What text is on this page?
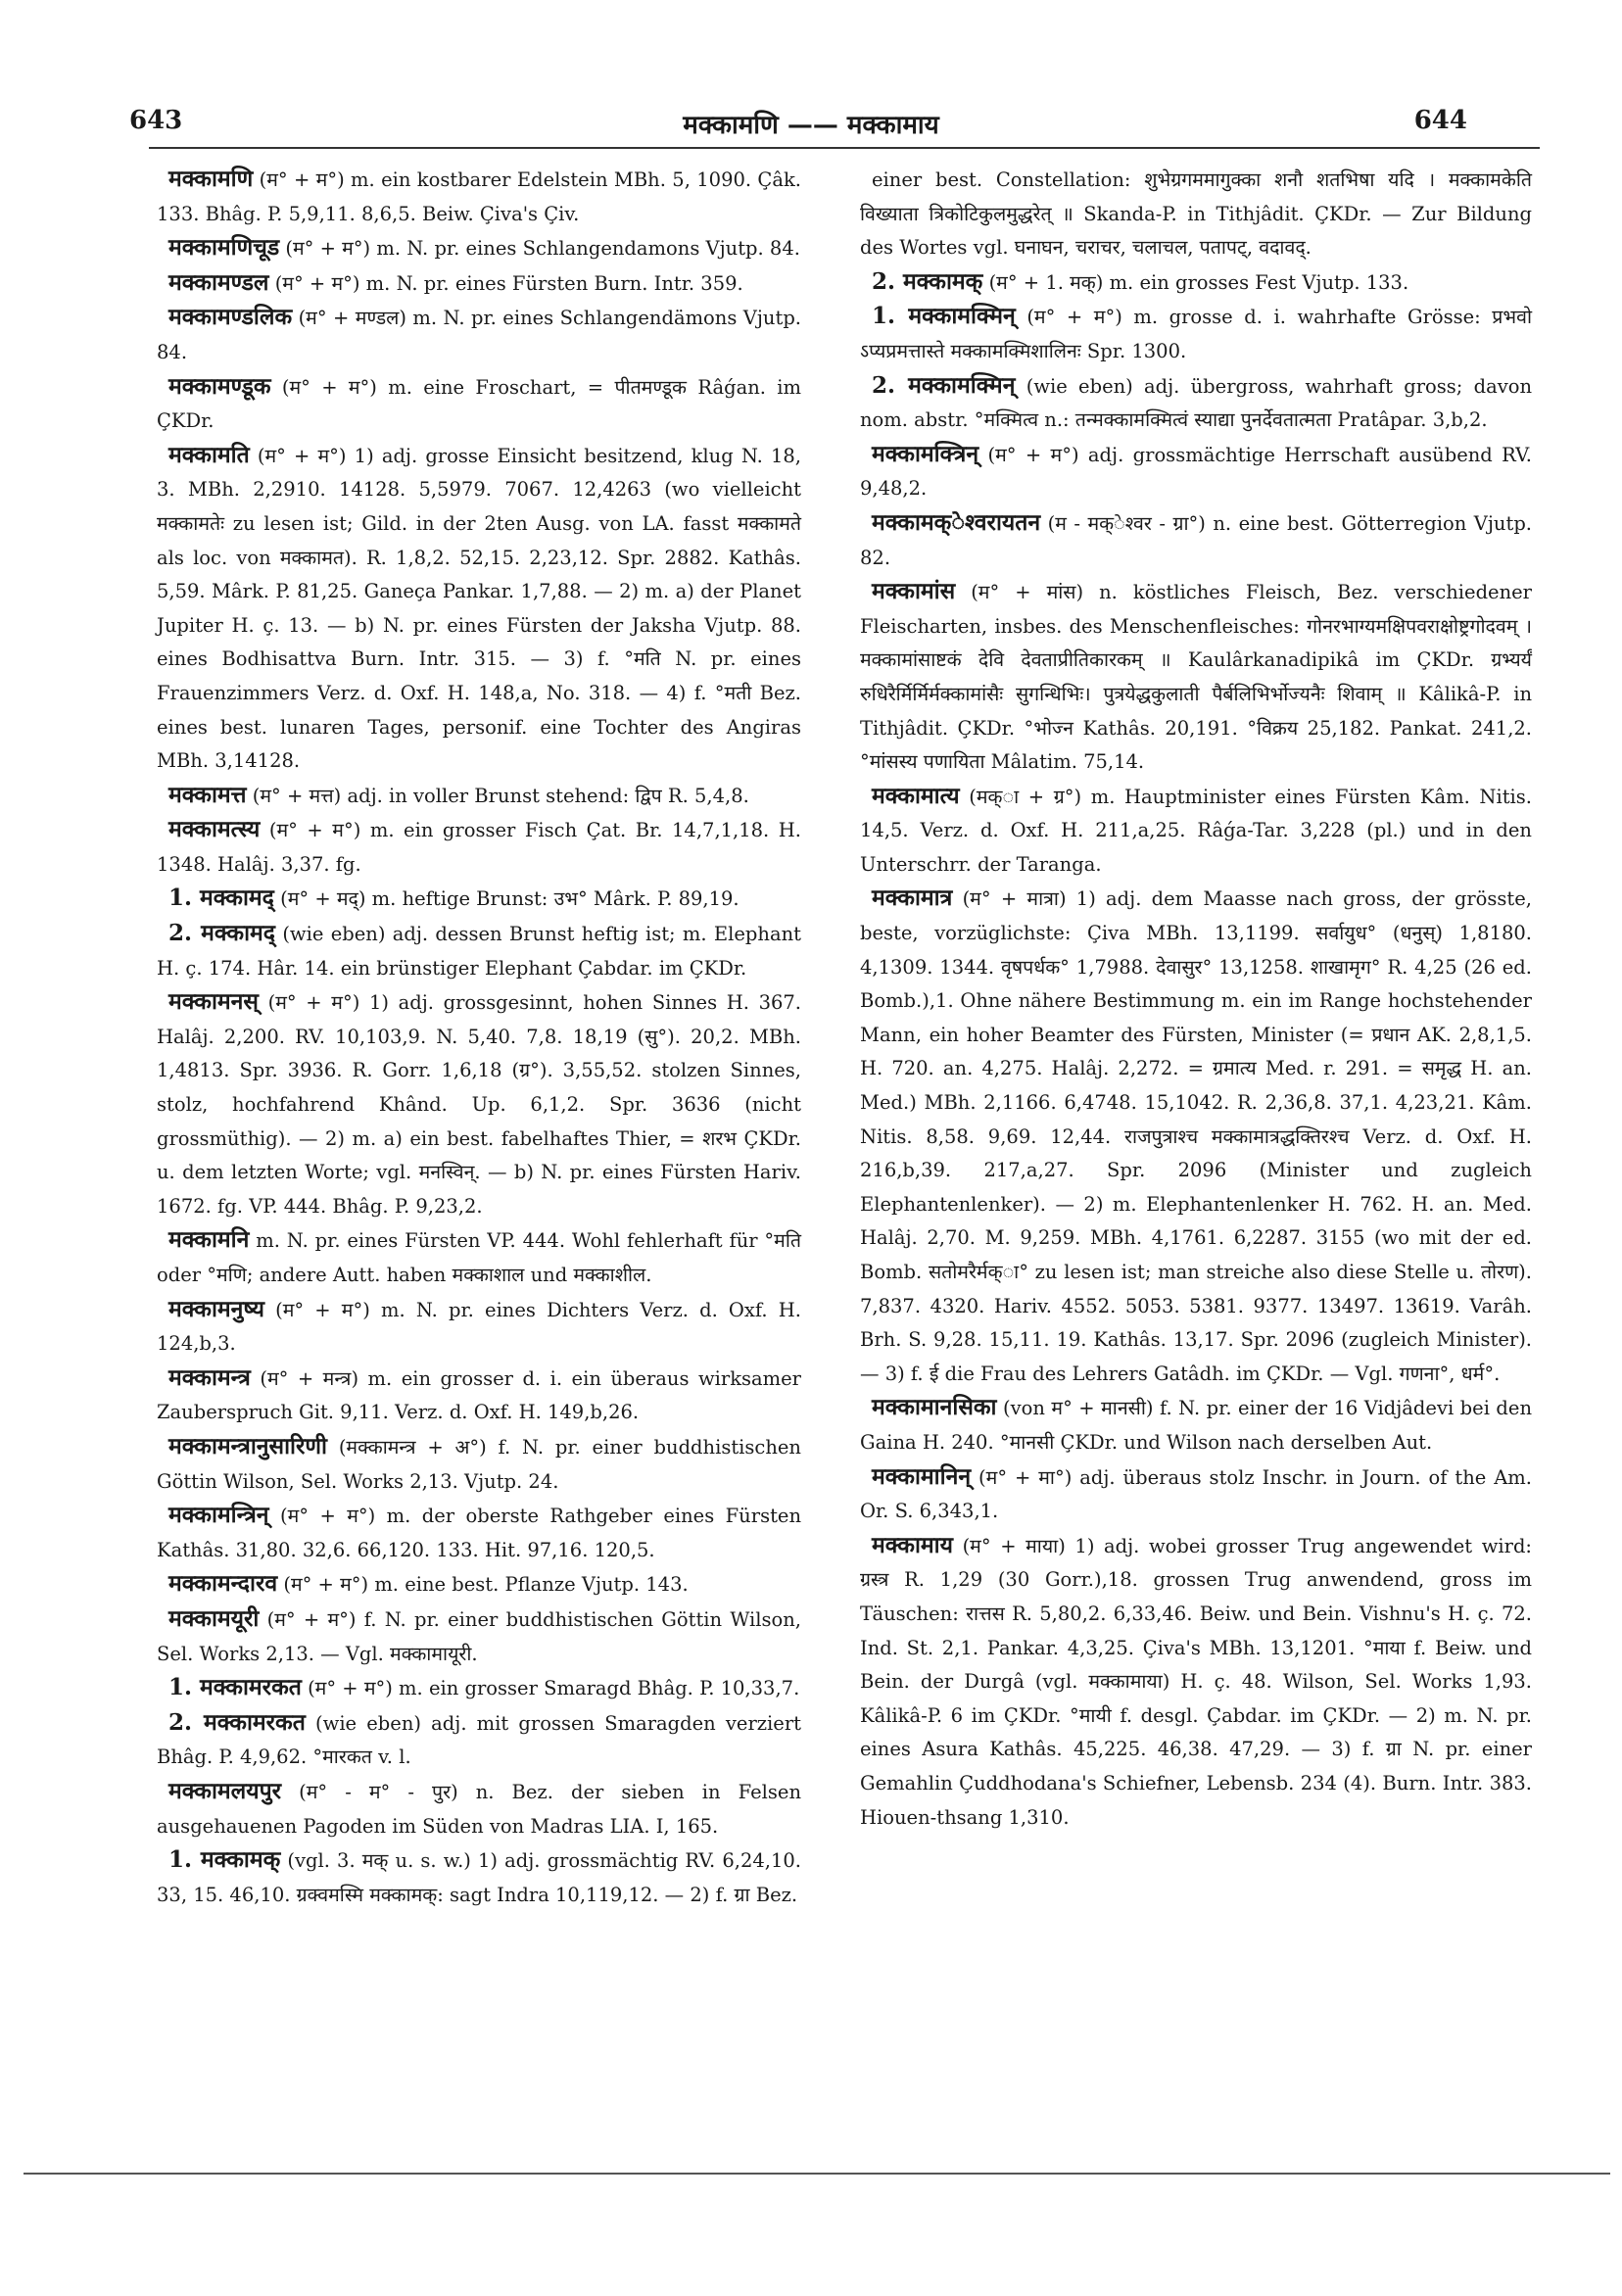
643	मक्कामणि —— मक्कामाय	644

मक्कामणि (म° + म°) m. ein kostbarer Edelstein MBh. 5, 1090. Çâk. 133. Bhâg. P. 5,9,11. 8,6,5. Beiw. Çiva's Çiv.

मक्कामणिचूड (म° + म°) m. N. pr. eines Schlangendamons Vjutp. 84.

मक्कामण्डल (म° + म°) m. N. pr. eines Fürsten Burn. Intr. 359.

मक्कामण्डलिक (म° + मण्डल) m. N. pr. eines Schlangendämons Vjutp. 84.

मक्कामण्डूक (म° + म°) m. eine Froschart, = पीतमण्डूक Râǵan. im ÇKDr.

मक्कामति (म° + म°) 1) adj. grosse Einsicht besitzend, klug N. 18, 3. MBh. 2,2910. 14128. 5,5979. 7067. 12,4263 (wo vielleicht मक्कामतेः zu lesen ist; Gild. in der 2ten Ausg. von LA. fasst मक्कामते als loc. von मक्कामत). R. 1,8,2. 52,15. 2,23,12. Spr. 2882. Kathâs. 5,59. Mârk. P. 81,25. Ganeça Pankar. 1,7,88. — 2) m. a) der Planet Jupiter H. ç. 13. — b) N. pr. eines Fürsten der Jaksha Vjutp. 88. eines Bodhisattva Burn. Intr. 315. — 3) f. °मति N. pr. eines Frauenzimmers Verz. d. Oxf. H. 148,a, No. 318. — 4) f. °मती Bez. eines best. lunaren Tages, personif. eine Tochter des Angiras MBh. 3,14128.

मक्कामत्त (म° + मत्त) adj. in voller Brunst stehend: द्विप R. 5,4,8.

मक्कामत्स्य (म° + म°) m. ein grosser Fisch Çat. Br. 14,7,1,18. H. 1348. Halâj. 3,37. fg.

1. मक्कामद् (म° + मद्) m. heftige Brunst: उभ° Mârk. P. 89,19.

2. मक्कामद् (wie eben) adj. dessen Brunst heftig ist; m. Elephant H. ç. 174. Hâr. 14. ein brünstiger Elephant Çabdar. im ÇKDr.

मक्कामनस् (म° + म°) 1) adj. grossgesinnt, hohen Sinnes H. 367. Halâj. 2,200. RV. 10,103,9. N. 5,40. 7,8. 18,19 (सु°). 20,2. MBh. 1,4813. Spr. 3936. R. Gorr. 1,6,18 (ग्र°). 3,55,52. stolzen Sinnes, stolz, hochfahrend Khând. Up. 6,1,2. Spr. 3636 (nicht grossmüthig). — 2) m. a) ein best. fabelhaftes Thier, = शरभ ÇKDr. u. dem letzten Worte; vgl. मनस्विन्. — b) N. pr. eines Fürsten Hariv. 1672. fg. VP. 444. Bhâg. P. 9,23,2.

मक्कामनि m. N. pr. eines Fürsten VP. 444. Wohl fehlerhaft für °मति oder °मणि; andere Autt. haben मक्काशाल und मक्काशील.

मक्कामनुष्य (म° + म°) m. N. pr. eines Dichters Verz. d. Oxf. H. 124,b,3.

मक्कामन्त्र (म° + मन्त्र) m. ein grosser d. i. ein überaus wirksamer Zauberspruch Git. 9,11. Verz. d. Oxf. H. 149,b,26.

मक्कामन्त्रानुसारिणी (मक्कामन्त्र + अ°) f. N. pr. einer buddhistischen Göttin Wilson, Sel. Works 2,13. Vjutp. 24.

मक्कामन्त्रिन् (म° + म°) m. der oberste Rathgeber eines Fürsten Kathâs. 31,80. 32,6. 66,120. 133. Hit. 97,16. 120,5.

मक्कामन्दारव (म° + म°) m. eine best. Pflanze Vjutp. 143.

मक्कामयूरी (म° + म°) f. N. pr. einer buddhistischen Göttin Wilson, Sel. Works 2,13. — Vgl. मक्कामायूरी.

1. मक्कामरकत (म° + म°) m. ein grosser Smaragd Bhâg. P. 10,33,7.

2. मक्कामरकत (wie eben) adj. mit grossen Smaragden verziert Bhâg. P. 4,9,62. °मारकत v. l.

मक्कामलयपुर (म° - म° - पुर) n. Bez. der sieben in Felsen ausgehauenen Pagoden im Süden von Madras LIA. I, 165.

1. मक्कामक् (vgl. 3. मक् u. s. w.) 1) adj. grossmächtig RV. 6,24,10. 33, 15. 46,10. ग्रक्वमस्मि मक्कामक्: sagt Indra 10,119,12. — 2) f. ग्रा Bez.

einer best. Constellation: शुभेग्रगममागुक्का शनौ शतभिषा यदि । मक्कामकेति विख्याता त्रिकोटिकुलमुद्धरेत् ॥ Skanda-P. in Tithjâdit. ÇKDr. — Zur Bildung des Wortes vgl. घनाघन, चराचर, चलाचल, पतापट्, वदावद्.

2. मक्कामक् (म° + 1. मक्) m. ein grosses Fest Vjutp. 133.

1. मक्कामक्मिन् (म° + म°) m. grosse d. i. wahrhafte Grösse: प्रभवो ऽप्यप्रमत्तास्ते मक्कामक्मिशालिनः Spr. 1300.

2. मक्कामक्मिन् (wie eben) adj. übergross, wahrhaft gross; davon nom. abstr. °मक्मित्व n.: तन्मक्कामक्मित्वं स्याद्या पुनर्देवतात्मता Pratâpar. 3,b,2.

मक्कामक्त्रिन् (म° + म°) adj. grossmächtige Herrschaft ausübend RV. 9,48,2.

मक्कामक्ेश्वरायतन (म - मक्ेश्वर - ग्रा°) n. eine best. Götterregion Vjutp. 82.

मक्कामांस (म° + मांस) n. köstliches Fleisch, Bez. verschiedener Fleischarten, insbes. des Menschenfleisches: गोनरभाग्यमक्षिपवराक्षोष्ट्रगोदवम् । मक्कामांसाष्टकं देवि देवताप्रीतिकारकम् ॥ Kaulârkanadipikâ im ÇKDr. ग्रभ्यर्यं रुधिरैर्मिर्मिर्मक्कामांसैः सुगन्धिभिः। पुत्रयेद्धकुलाती पैर्बलिभिर्भोज्यनैः शिवाम् ॥ Kâlikâ-P. in Tithjâdit. ÇKDr. °भोज्न Kathâs. 20,191. °विक्रय 25,182. Pankat. 241,2. °मांसस्य पणायिता Mâlatim. 75,14.

मक्कामात्य (मक्ा + ग्र°) m. Hauptminister eines Fürsten Kâm. Nitis. 14,5. Verz. d. Oxf. H. 211,a,25. Râǵa-Tar. 3,228 (pl.) und in den Unterschrr. der Taranga.

मक्कामात्र (म° + मात्रा) 1) adj. dem Maasse nach gross, der grösste, beste, vorzüglichste: Çiva MBh. 13,1199. सर्वायुध° (धनुस्) 1,8180. 4,1309. 1344. वृषपर्धक° 1,7988. देवासुर° 13,1258. शाखामृग° R. 4,25 (26 ed. Bomb.),1. Ohne nähere Bestimmung m. ein im Range hochstehender Mann, ein hoher Beamter des Fürsten, Minister (= प्रधान AK. 2,8,1,5. H. 720. an. 4,275. Halâj. 2,272. = ग्रमात्य Med. r. 291. = समृद्ध H. an. Med.) MBh. 2,1166. 6,4748. 15,1042. R. 2,36,8. 37,1. 4,23,21. Kâm. Nitis. 8,58. 9,69. 12,44. राजपुत्राश्च मक्कामात्रद्धक्तिरश्च Verz. d. Oxf. H. 216,b,39. 217,a,27. Spr. 2096 (Minister und zugleich Elephantenlenker). — 2) m. Elephantenlenker H. 762. H. an. Med. Halâj. 2,70. M. 9,259. MBh. 4,1761. 6,2287. 3155 (wo mit der ed. Bomb. सतोमरैर्मक्ा° zu lesen ist; man streiche also diese Stelle u. तोरण). 7,837. 4320. Hariv. 4552. 5053. 5381. 9377. 13497. 13619. Varâh. Brh. S. 9,28. 15,11. 19. Kathâs. 13,17. Spr. 2096 (zugleich Minister). — 3) f. ई die Frau des Lehrers Gatâdh. im ÇKDr. — Vgl. गणना°, धर्म°.

मक्कामानसिका (von म° + मानसी) f. N. pr. einer der 16 Vidjâdevi bei den Gaina H. 240. °मानसी ÇKDr. und Wilson nach derselben Aut.

मक्कामानिन् (म° + मा°) adj. überaus stolz Inschr. in Journ. of the Am. Or. S. 6,343,1.

मक्कामाय (म° + माया) 1) adj. wobei grosser Trug angewendet wird: ग्रस्त्र R. 1,29 (30 Gorr.),18. grossen Trug anwendend, gross im Täuschen: रात्तस R. 5,80,2. 6,33,46. Beiw. und Bein. Vishnu's H. ç. 72. Ind. St. 2,1. Pankar. 4,3,25. Çiva's MBh. 13,1201. °माया f. Beiw. und Bein. der Durgâ (vgl. मक्कामाया) H. ç. 48. Wilson, Sel. Works 1,93. Kâlikâ-P. 6 im ÇKDr. °मायी f. desgl. Çabdar. im ÇKDr. — 2) m. N. pr. eines Asura Kathâs. 45,225. 46,38. 47,29. — 3) f. ग्रा N. pr. einer Gemahlin Çuddhodana's Schiefner, Lebensb. 234 (4). Burn. Intr. 383. Hiouen-thsang 1,310.
